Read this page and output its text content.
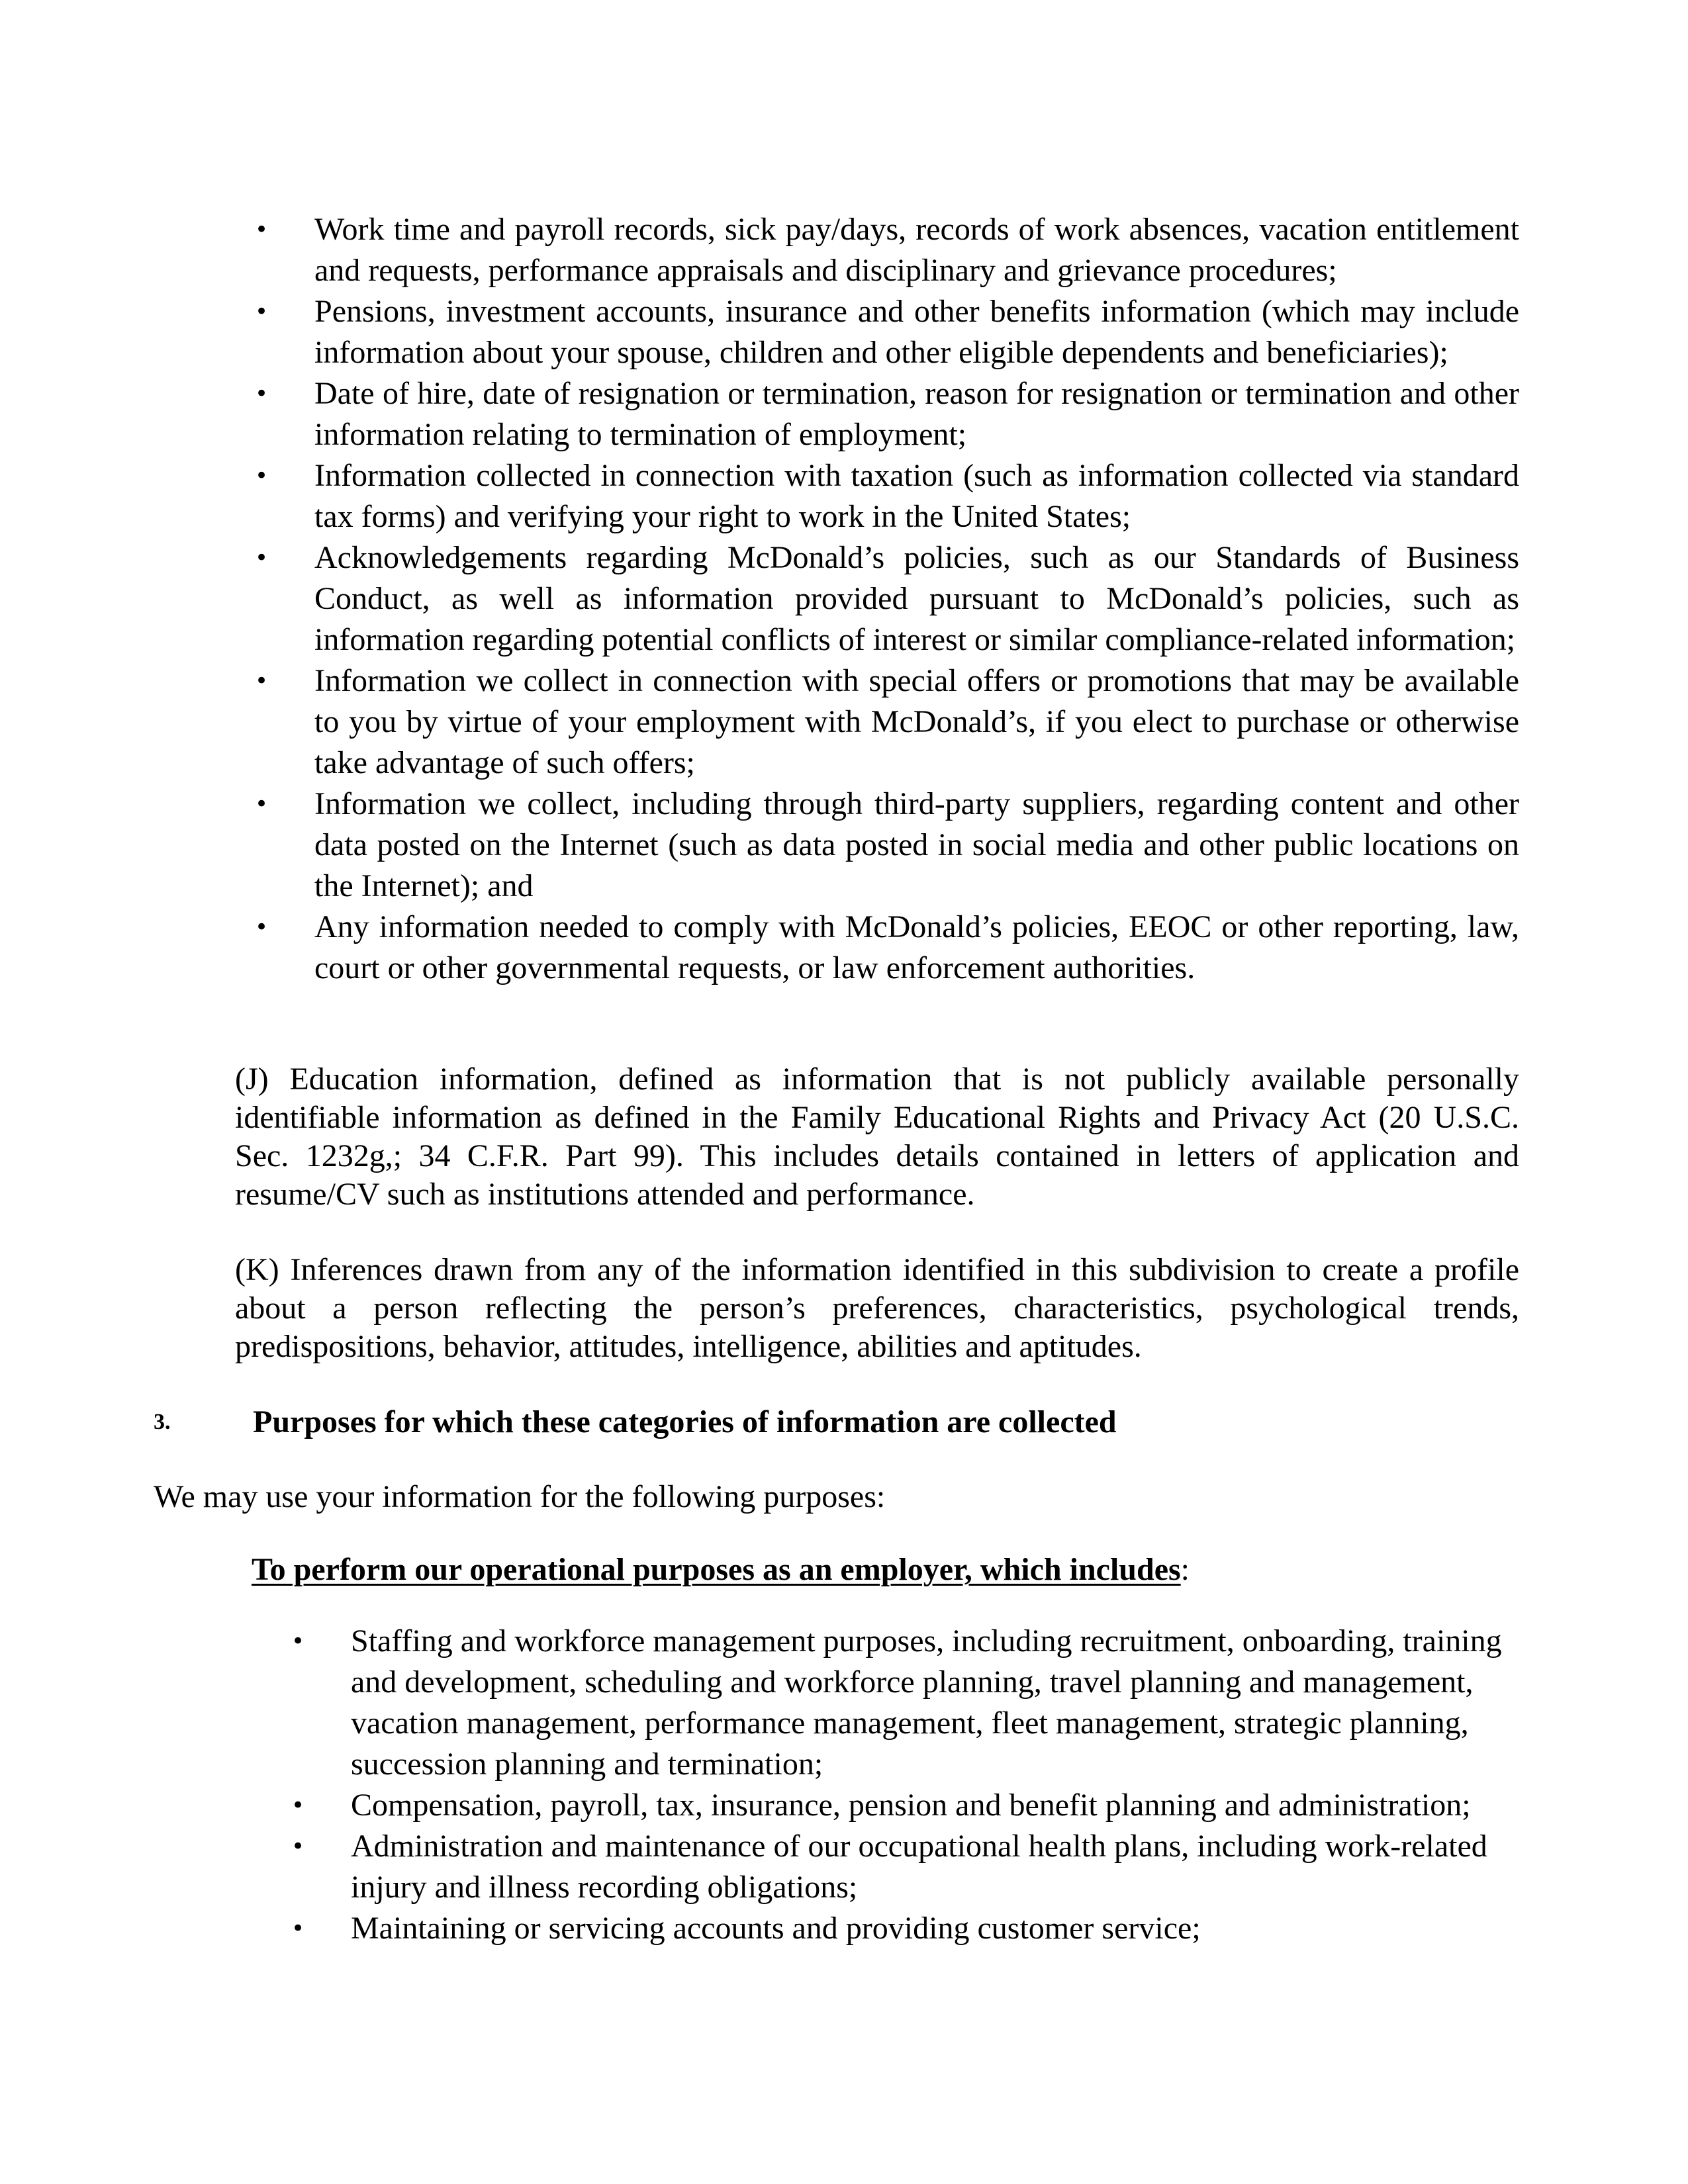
•	Work time and payroll records, sick pay/days, records of work absences, vacation entitlement and requests, performance appraisals and disciplinary and grievance procedures;
•	Pensions, investment accounts, insurance and other benefits information (which may include information about your spouse, children and other eligible dependents and beneficiaries);
•	Date of hire, date of resignation or termination, reason for resignation or termination and other information relating to termination of employment;
•	Information collected in connection with taxation (such as information collected via standard tax forms) and verifying your right to work in the United States;
•	Acknowledgements regarding McDonald’s policies, such as our Standards of Business Conduct, as well as information provided pursuant to McDonald’s policies, such as information regarding potential conflicts of interest or similar compliance-related information;
•	Information we collect in connection with special offers or promotions that may be available to you by virtue of your employment with McDonald’s, if you elect to purchase or otherwise take advantage of such offers;
•	Information we collect, including through third-party suppliers, regarding content and other data posted on the Internet (such as data posted in social media and other public locations on the Internet); and
•	Any information needed to comply with McDonald’s policies, EEOC or other reporting, law, court or other governmental requests, or law enforcement authorities.

(J) Education information, defined as information that is not publicly available personally identifiable information as defined in the Family Educational Rights and Privacy Act (20 U.S.C. Sec. 1232g,; 34 C.F.R. Part 99). This includes details contained in letters of application and resume/CV such as institutions attended and performance.

(K) Inferences drawn from any of the information identified in this subdivision to create a profile about a person reflecting the person’s preferences, characteristics, psychological trends, predispositions, behavior, attitudes, intelligence, abilities and aptitudes.

3.	Purposes for which these categories of information are collected
We may use your information for the following purposes:
To perform our operational purposes as an employer, which includes:
•	Staffing and workforce management purposes, including recruitment, onboarding, training and development, scheduling and workforce planning, travel planning and management, vacation management, performance management, fleet management, strategic planning, succession planning and termination;
•	Compensation, payroll, tax, insurance, pension and benefit planning and administration;
•	Administration and maintenance of our occupational health plans, including work-related injury and illness recording obligations;
•	Maintaining or servicing accounts and providing customer service;
